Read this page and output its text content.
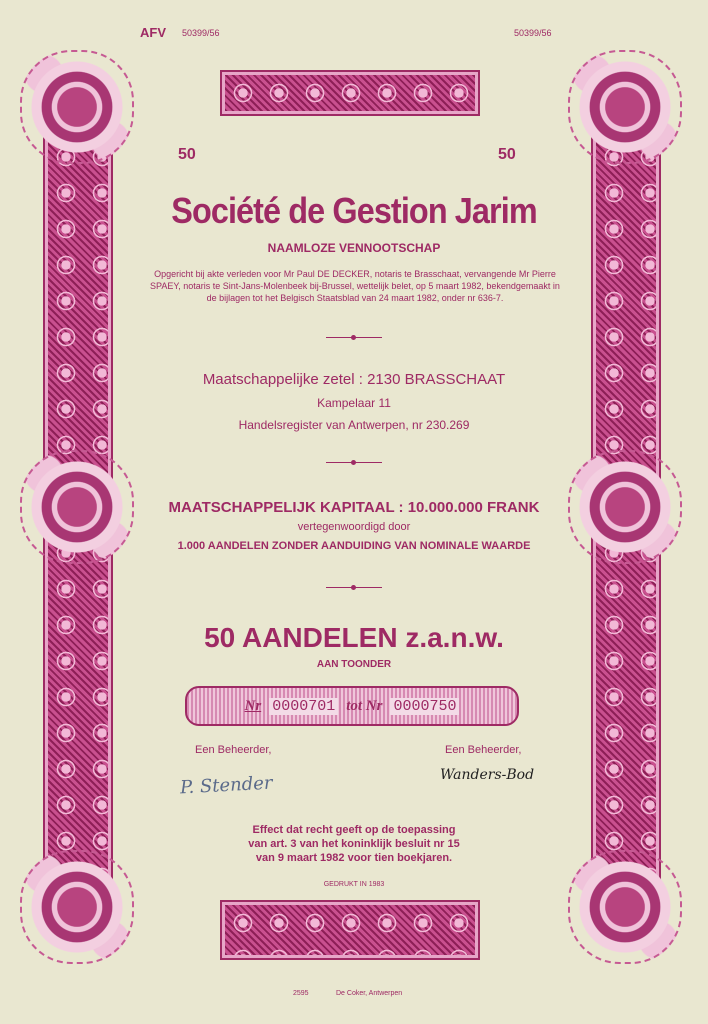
AFV 50399/56	50399/56
50	50
Société de Gestion Jarim
NAAMLOZE VENNOOTSCHAP
Opgericht bij akte verleden voor Mr Paul DE DECKER, notaris te Brasschaat, vervangende Mr Pierre SPAEY, notaris te Sint-Jans-Molenbeek bij-Brussel, wettelijk belet, op 5 maart 1982, bekendgemaakt in de bijlagen tot het Belgisch Staatsblad van 24 maart 1982, onder nr 636-7.
Maatschappelijke zetel : 2130 BRASSCHAAT
Kampelaar 11
Handelsregister van Antwerpen, nr 230.269
MAATSCHAPPELIJK KAPITAAL : 10.000.000 FRANK
vertegenwoordigd door
1.000 AANDELEN ZONDER AANDUIDING VAN NOMINALE WAARDE
50 AANDELEN z.a.n.w.
AAN TOONDER
Nr 0000701 tot Nr 0000750
Een Beheerder,	Een Beheerder,
P. Stender	Wanders-Bod
Effect dat recht geeft op de toepassing
van art. 3 van het koninklijk besluit nr 15
van 9 maart 1982 voor tien boekjaren.
GEDRUKT IN 1983
2595	De Coker, Antwerpen
